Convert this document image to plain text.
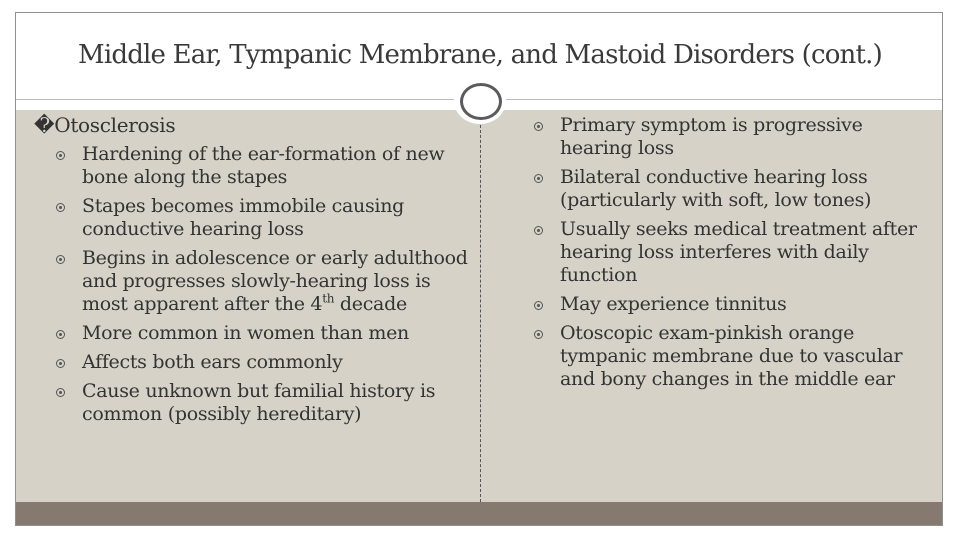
Middle Ear, Tympanic Membrane, and Mastoid Disorders (cont.)
� Otosclerosis
Hardening of the ear-formation of new bone along the stapes
Stapes becomes immobile causing conductive hearing loss
Begins in adolescence or early adulthood and progresses slowly-hearing loss is most apparent after the 4th decade
More common in women than men
Affects both ears commonly
Cause unknown but familial history is common (possibly hereditary)
Primary symptom is progressive hearing loss
Bilateral conductive hearing loss (particularly with soft, low tones)
Usually seeks medical treatment after hearing loss interferes with daily function
May experience tinnitus
Otoscopic exam-pinkish orange tympanic membrane due to vascular and bony changes in the middle ear
